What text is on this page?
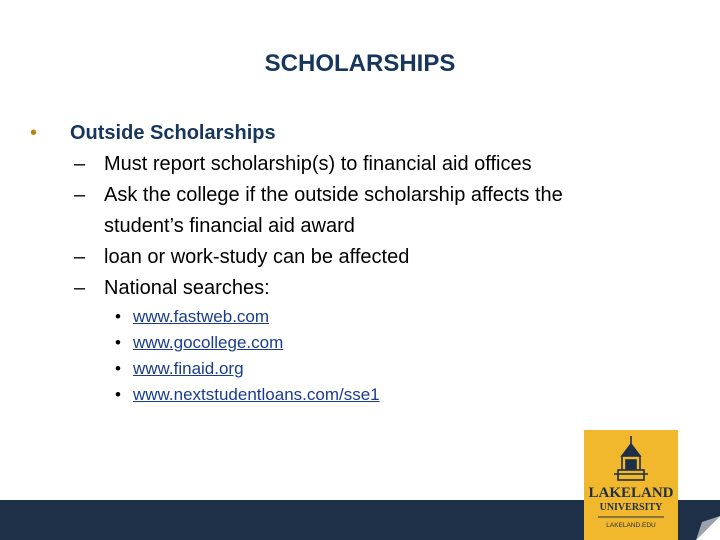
SCHOLARSHIPS
• Outside Scholarships
– Must report scholarship(s) to financial aid offices
– Ask the college if the outside scholarship affects the
student’s financial aid award
– loan or work-study can be affected
– National searches:
• www.fastweb.com
• www.gocollege.com
• www.finaid.org
• www.nextstudentloans.com/sse1
LAKELAND
UNIVERSITY
LAKELAND.EDU
